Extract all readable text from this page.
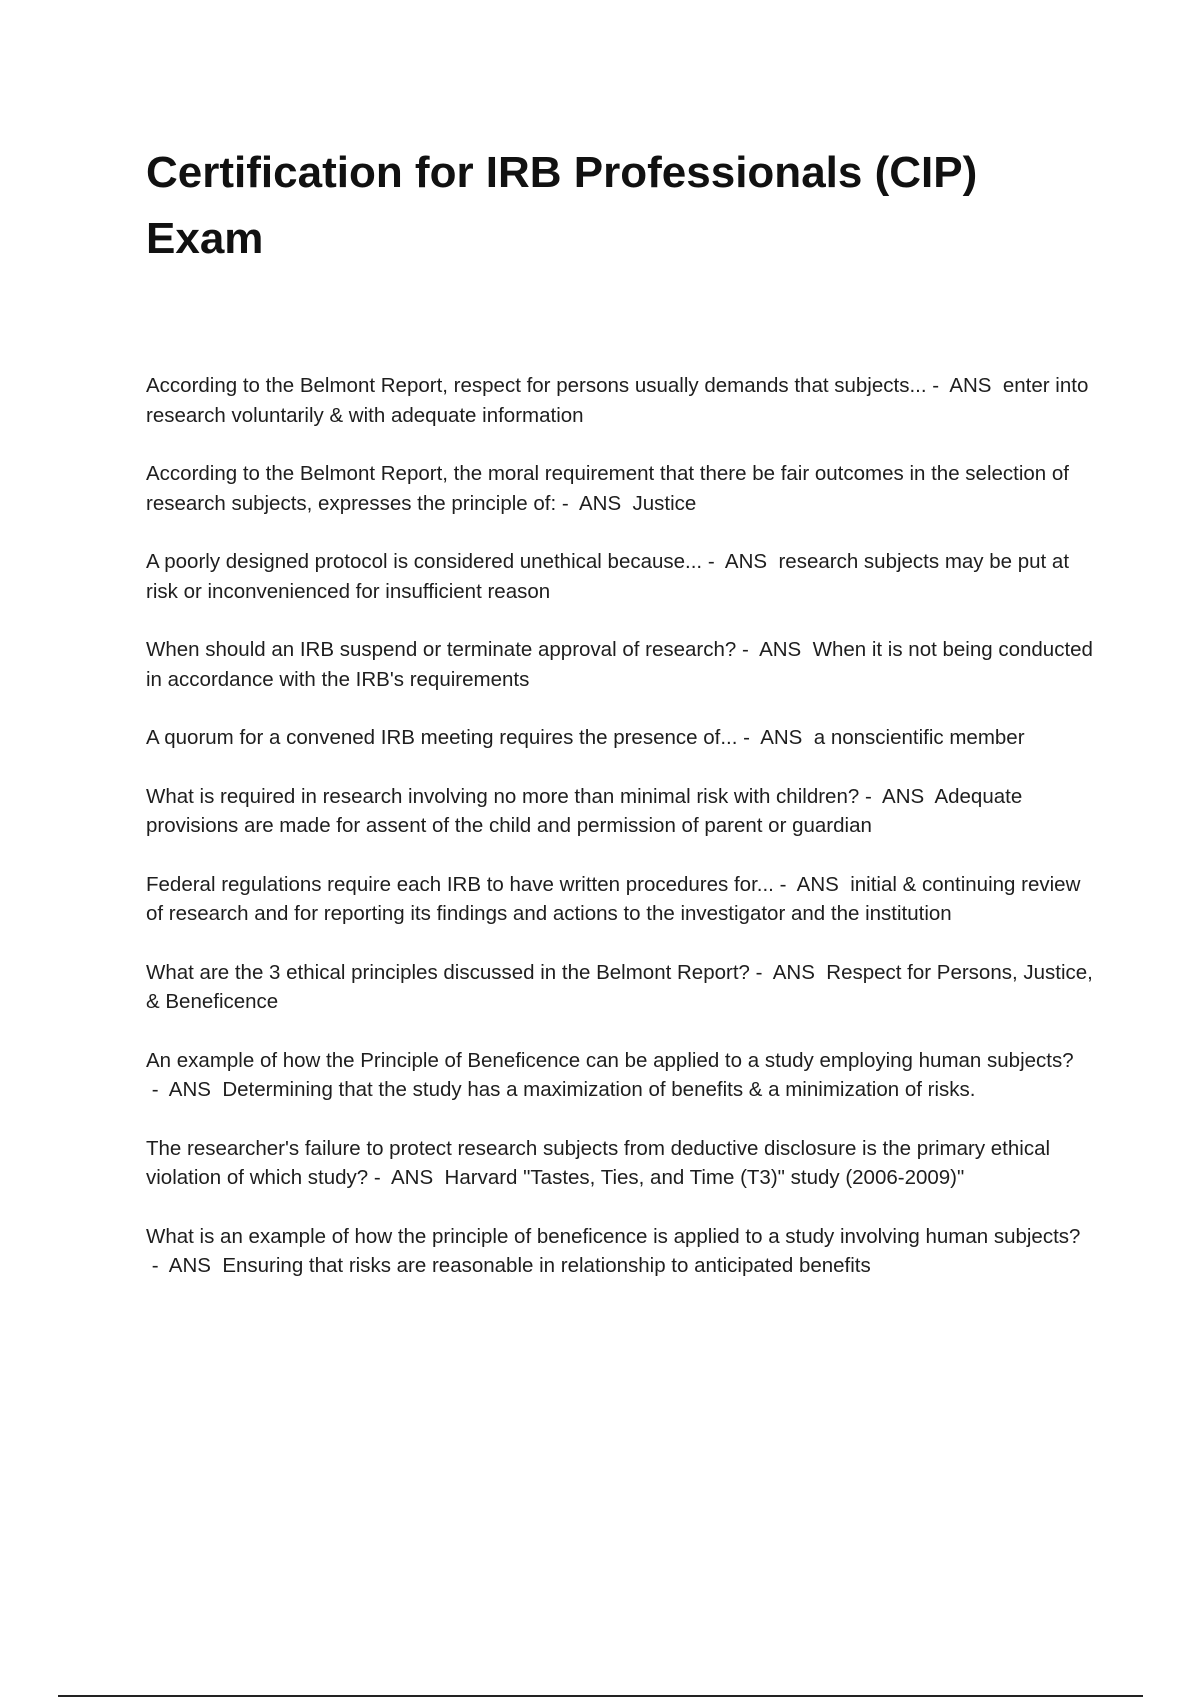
Certification for IRB Professionals (CIP) Exam
According to the Belmont Report, respect for persons usually demands that subjects... -  ANS  enter into research voluntarily & with adequate information
According to the Belmont Report, the moral requirement that there be fair outcomes in the selection of research subjects, expresses the principle of: -  ANS  Justice
A poorly designed protocol is considered unethical because... -  ANS  research subjects may be put at risk or inconvenienced for insufficient reason
When should an IRB suspend or terminate approval of research? -  ANS  When it is not being conducted in accordance with the IRB's requirements
A quorum for a convened IRB meeting requires the presence of... -  ANS  a nonscientific member
What is required in research involving no more than minimal risk with children? -  ANS  Adequate provisions are made for assent of the child and permission of parent or guardian
Federal regulations require each IRB to have written procedures for... -  ANS  initial & continuing review of research and for reporting its findings and actions to the investigator and the institution
What are the 3 ethical principles discussed in the Belmont Report? -  ANS  Respect for Persons, Justice, & Beneficence
An example of how the Principle of Beneficence can be applied to a study employing human subjects? -  ANS  Determining that the study has a maximization of benefits & a minimization of risks.
The researcher's failure to protect research subjects from deductive disclosure is the primary ethical violation of which study? -  ANS  Harvard "Tastes, Ties, and Time (T3)" study (2006-2009)"
What is an example of how the principle of beneficence is applied to a study involving human subjects? -  ANS  Ensuring that risks are reasonable in relationship to anticipated benefits
